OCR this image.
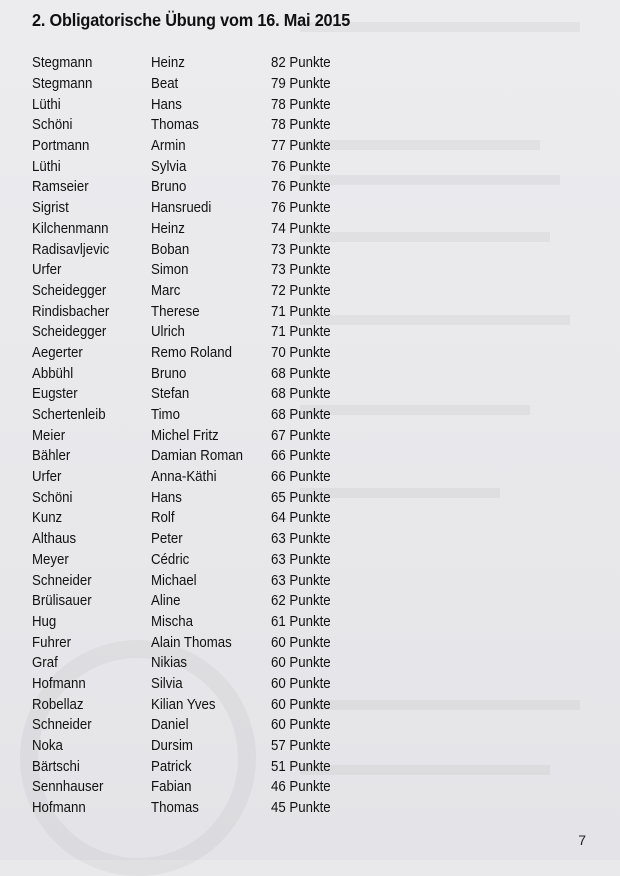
2. Obligatorische Übung vom 16. Mai 2015
Stegmann	Heinz	82 Punkte
Stegmann	Beat	79 Punkte
Lüthi	Hans	78 Punkte
Schöni	Thomas	78 Punkte
Portmann	Armin	77 Punkte
Lüthi	Sylvia	76 Punkte
Ramseier	Bruno	76 Punkte
Sigrist	Hansruedi	76 Punkte
Kilchenmann	Heinz	74 Punkte
Radisavljevic	Boban	73 Punkte
Urfer	Simon	73 Punkte
Scheidegger	Marc	72 Punkte
Rindisbacher	Therese	71 Punkte
Scheidegger	Ulrich	71 Punkte
Aegerter	Remo Roland	70 Punkte
Abbühl	Bruno	68 Punkte
Eugster	Stefan	68 Punkte
Schertenleib	Timo	68 Punkte
Meier	Michel Fritz	67 Punkte
Bähler	Damian Roman	66 Punkte
Urfer	Anna-Käthi	66 Punkte
Schöni	Hans	65 Punkte
Kunz	Rolf	64 Punkte
Althaus	Peter	63 Punkte
Meyer	Cédric	63 Punkte
Schneider	Michael	63 Punkte
Brülisauer	Aline	62 Punkte
Hug	Mischa	61 Punkte
Fuhrer	Alain Thomas	60 Punkte
Graf	Nikias	60 Punkte
Hofmann	Silvia	60 Punkte
Robellaz	Kilian Yves	60 Punkte
Schneider	Daniel	60 Punkte
Noka	Dursim	57 Punkte
Bärtschi	Patrick	51 Punkte
Sennhauser	Fabian	46 Punkte
Hofmann	Thomas	45 Punkte
7
